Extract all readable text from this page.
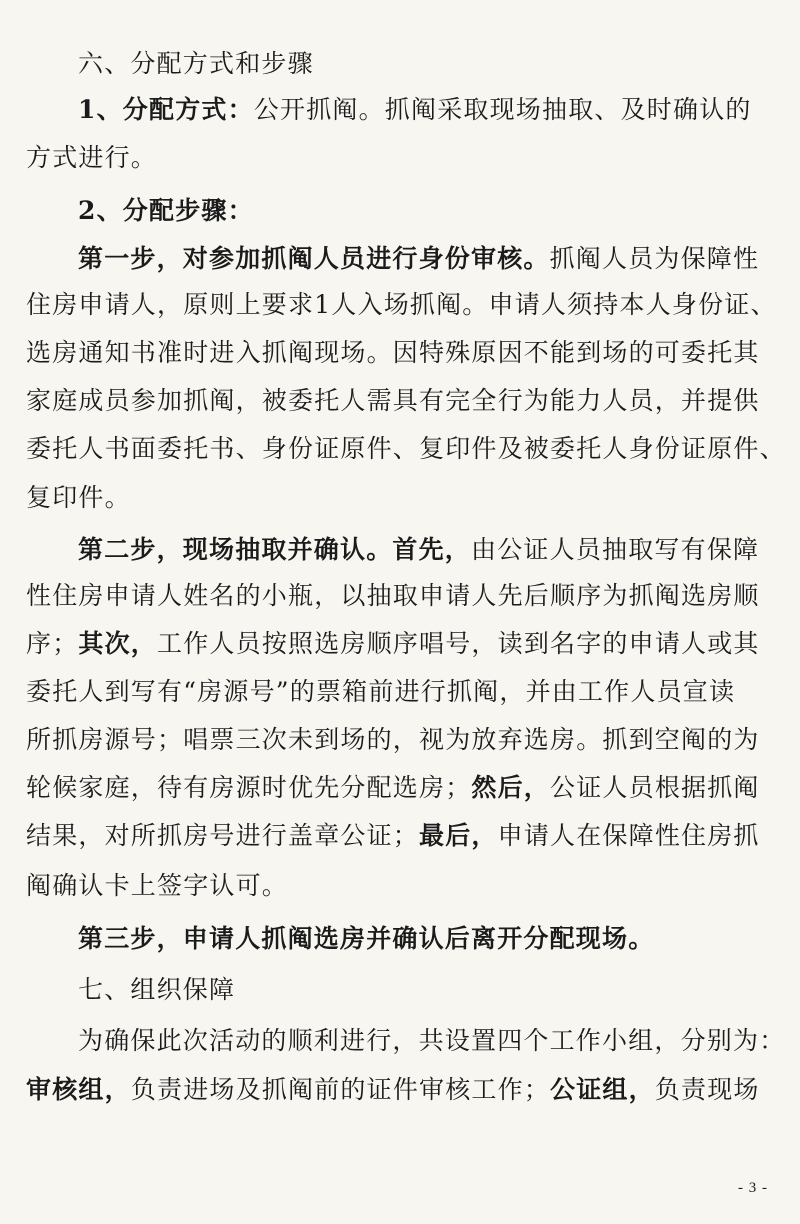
六、分配方式和步骤
1、分配方式：公开抓阄。抓阄采取现场抽取、及时确认的
方式进行。
2、分配步骤：
第一步，对参加抓阄人员进行身份审核。抓阄人员为保障性
住房申请人，原则上要求1人入场抓阄。申请人须持本人身份证、
选房通知书准时进入抓阄现场。因特殊原因不能到场的可委托其
家庭成员参加抓阄，被委托人需具有完全行为能力人员，并提供
委托人书面委托书、身份证原件、复印件及被委托人身份证原件、
复印件。
第二步，现场抽取并确认。首先，由公证人员抽取写有保障
性住房申请人姓名的小瓶，以抽取申请人先后顺序为抓阄选房顺
序；其次，工作人员按照选房顺序唱号，读到名字的申请人或其
委托人到写有“房源号”的票箱前进行抓阄，并由工作人员宣读
所抓房源号；唱票三次未到场的，视为放弃选房。抓到空阄的为
轮候家庭，待有房源时优先分配选房；然后，公证人员根据抓阄
结果，对所抓房号进行盖章公证；最后，申请人在保障性住房抓
阄确认卡上签字认可。
第三步，申请人抓阄选房并确认后离开分配现场。
七、组织保障
为确保此次活动的顺利进行，共设置四个工作小组，分别为：
审核组，负责进场及抓阄前的证件审核工作；公证组，负责现场
- 3 -
